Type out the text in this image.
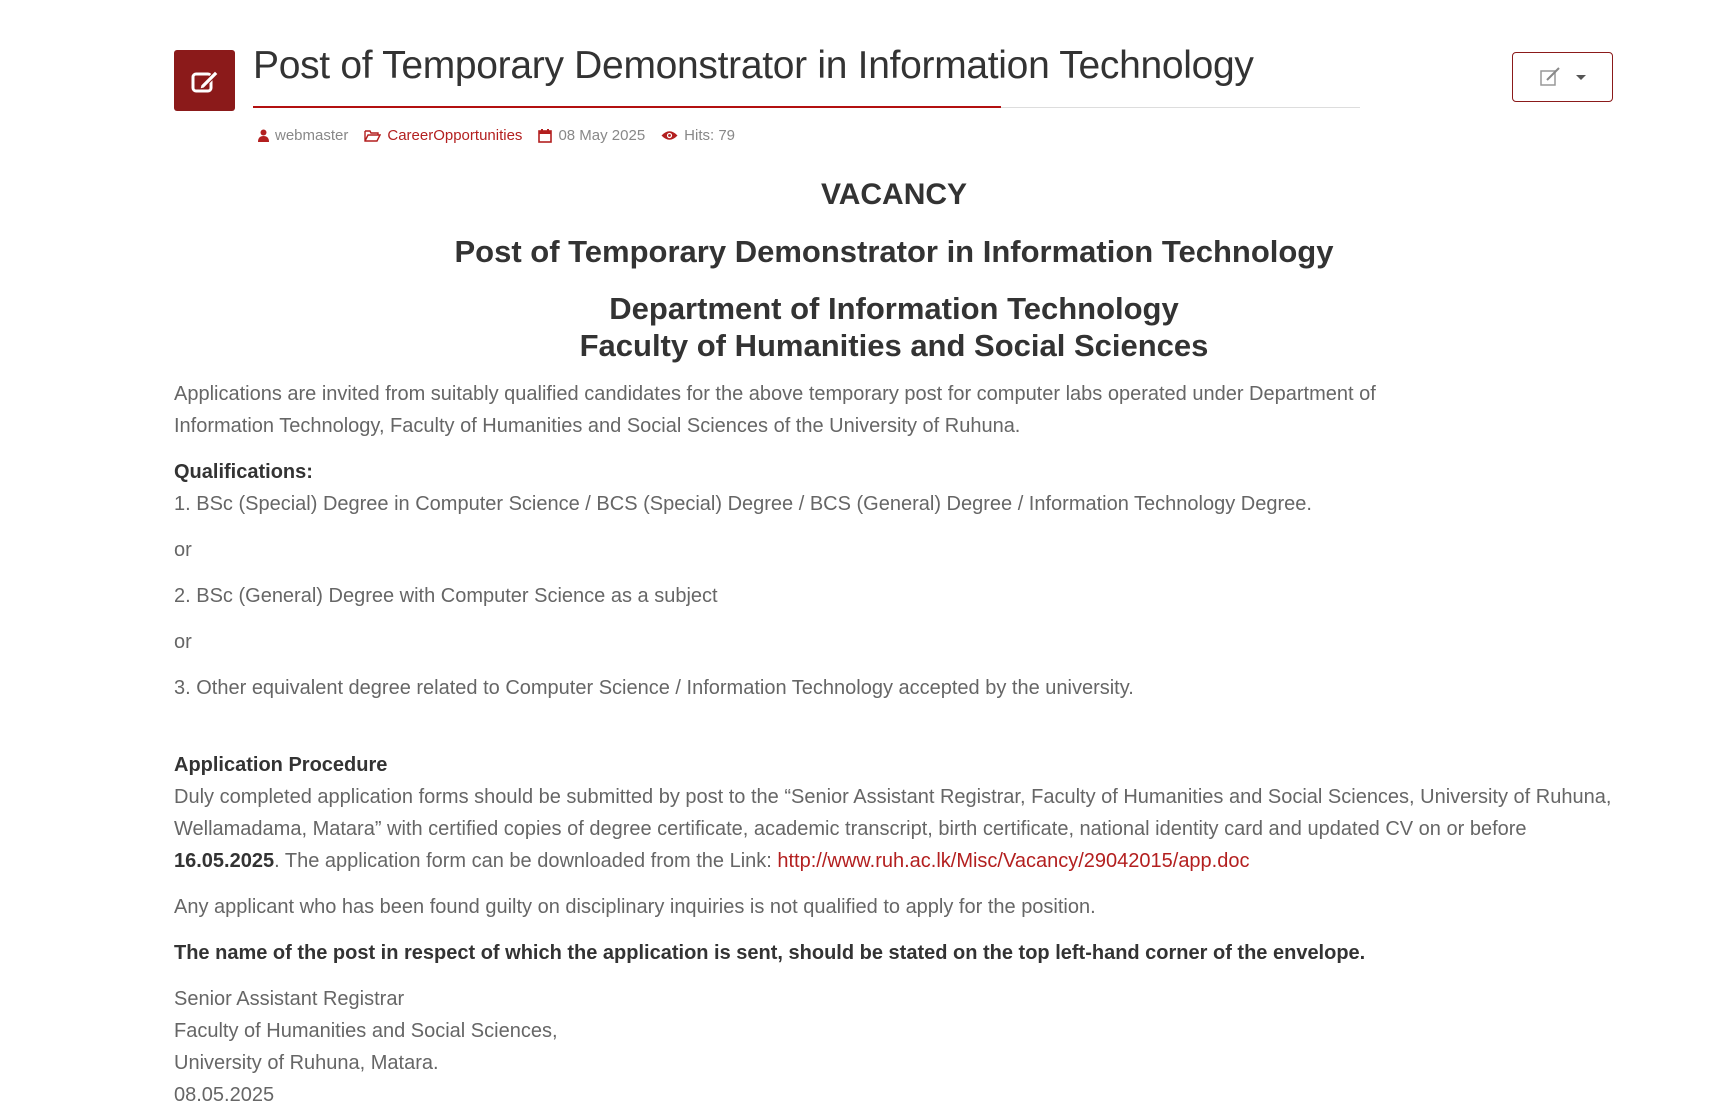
Post of Temporary Demonstrator in Information Technology
webmaster	CareerOpportunities 08 May 2025	Hits: 79
VACANCY
Post of Temporary Demonstrator in Information Technology
Department of Information Technology
Faculty of Humanities and Social Sciences

Applications are invited from suitably qualified candidates for the above temporary post for computer labs operated under Department of Information Technology, Faculty of Humanities and Social Sciences of the University of Ruhuna.

Qualifications:

1. BSc (Special) Degree in Computer Science / BCS (Special) Degree / BCS (General) Degree / Information Technology Degree.

or

2. BSc (General) Degree with Computer Science as a subject

or

3. Other equivalent degree related to Computer Science / Information Technology accepted by the university.

Application Procedure

Duly completed application forms should be submitted by post to the “Senior Assistant Registrar, Faculty of Humanities and Social Sciences, University of Ruhuna, Wellamadama, Matara” with certified copies of degree certificate, academic transcript, birth certificate, national identity card and updated CV on or before 16.05.2025. The application form can be downloaded from the Link: http://www.ruh.ac.lk/Misc/Vacancy/29042015/app.doc

Any applicant who has been found guilty on disciplinary inquiries is not qualified to apply for the position.

The name of the post in respect of which the application is sent, should be stated on the top left-hand corner of the envelope.

Senior Assistant Registrar

Faculty of Humanities and Social Sciences,

University of Ruhuna, Matara.

08.05.2025
